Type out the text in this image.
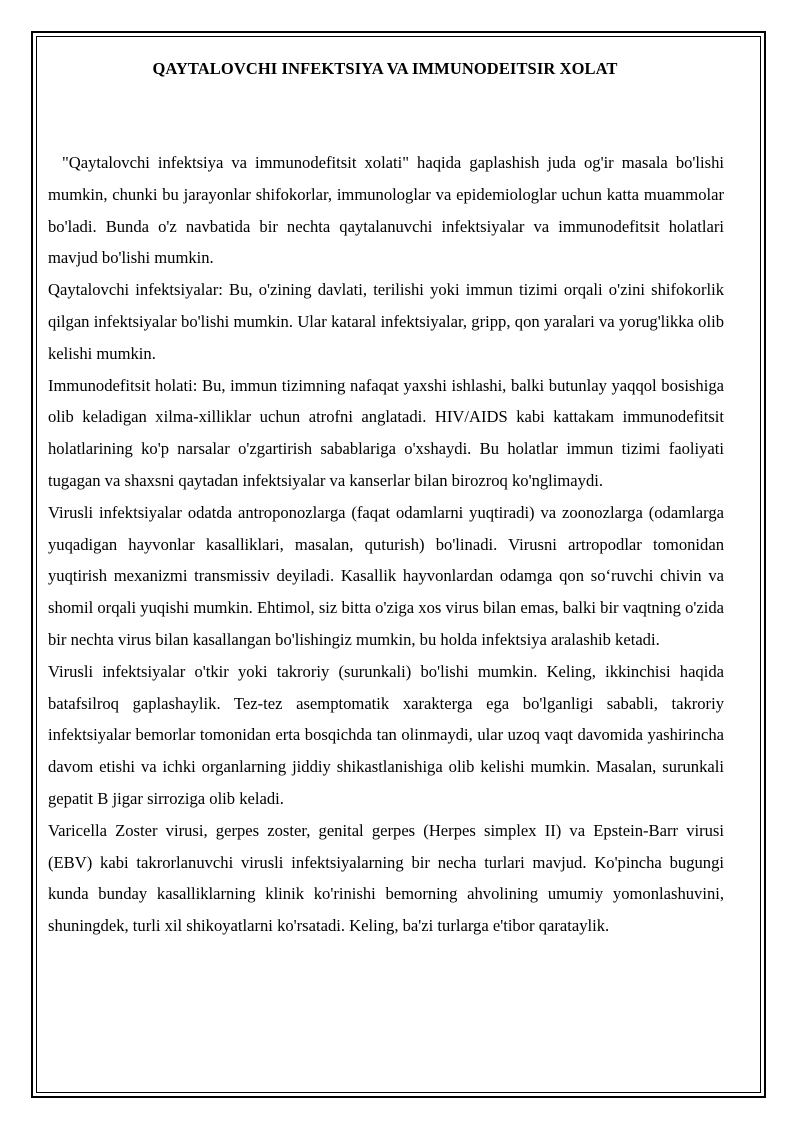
QAYTALOVCHI INFEKTSIYA VA IMMUNODEITSIR XOLAT

"Qaytalovchi infektsiya va immunodefitsit xolati" haqida gaplashish juda og'ir masala bo'lishi mumkin, chunki bu jarayonlar shifokorlar, immunologlar va epidemiologlar uchun katta muammolar bo'ladi. Bunda o'z navbatida bir nechta qaytalanuvchi infektsiyalar va immunodefitsit holatlari mavjud bo'lishi mumkin.

Qaytalovchi infektsiyalar: Bu, o'zining davlati, terilishi yoki immun tizimi orqali o'zini shifokorlik qilgan infektsiyalar bo'lishi mumkin. Ular kataral infektsiyalar, gripp, qon yaralari va yorug'likka olib kelishi mumkin.

Immunodefitsit holati: Bu, immun tizimning nafaqat yaxshi ishlashi, balki butunlay yaqqol bosishiga olib keladigan xilma-xilliklar uchun atrofni anglatadi. HIV/AIDS kabi kattakam immunodefitsit holatlarining ko'p narsalar o'zgartirish sabablariga o'xshaydi. Bu holatlar immun tizimi faoliyati tugagan va shaxsni qaytadan infektsiyalar va kanserlar bilan birozroq ko'nglimaydi.

Virusli infektsiyalar odatda antroponozlarga (faqat odamlarni yuqtiradi) va zoonozlarga (odamlarga yuqadigan hayvonlar kasalliklari, masalan, quturish) bo'linadi. Virusni artropodlar tomonidan yuqtirish mexanizmi transmissiv deyiladi. Kasallik hayvonlardan odamga qon so‘ruvchi chivin va shomil orqali yuqishi mumkin. Ehtimol, siz bitta o'ziga xos virus bilan emas, balki bir vaqtning o'zida bir nechta virus bilan kasallangan bo'lishingiz mumkin, bu holda infektsiya aralashib ketadi.

Virusli infektsiyalar o'tkir yoki takroriy (surunkali) bo'lishi mumkin. Keling, ikkinchisi haqida batafsilroq gaplashaylik. Tez-tez asemptomatik xarakterga ega bo'lganligi sababli, takroriy infektsiyalar bemorlar tomonidan erta bosqichda tan olinmaydi, ular uzoq vaqt davomida yashirincha davom etishi va ichki organlarning jiddiy shikastlanishiga olib kelishi mumkin. Masalan, surunkali gepatit B jigar sirroziga olib keladi.

Varicella Zoster virusi, gerpes zoster, genital gerpes (Herpes simplex II) va Epstein-Barr virusi (EBV) kabi takrorlanuvchi virusli infektsiyalarning bir necha turlari mavjud. Ko'pincha bugungi kunda bunday kasalliklarning klinik ko'rinishi bemorning ahvolining umumiy yomonlashuvini, shuningdek, turli xil shikoyatlarni ko'rsatadi. Keling, ba'zi turlarga e'tibor qarataylik.
